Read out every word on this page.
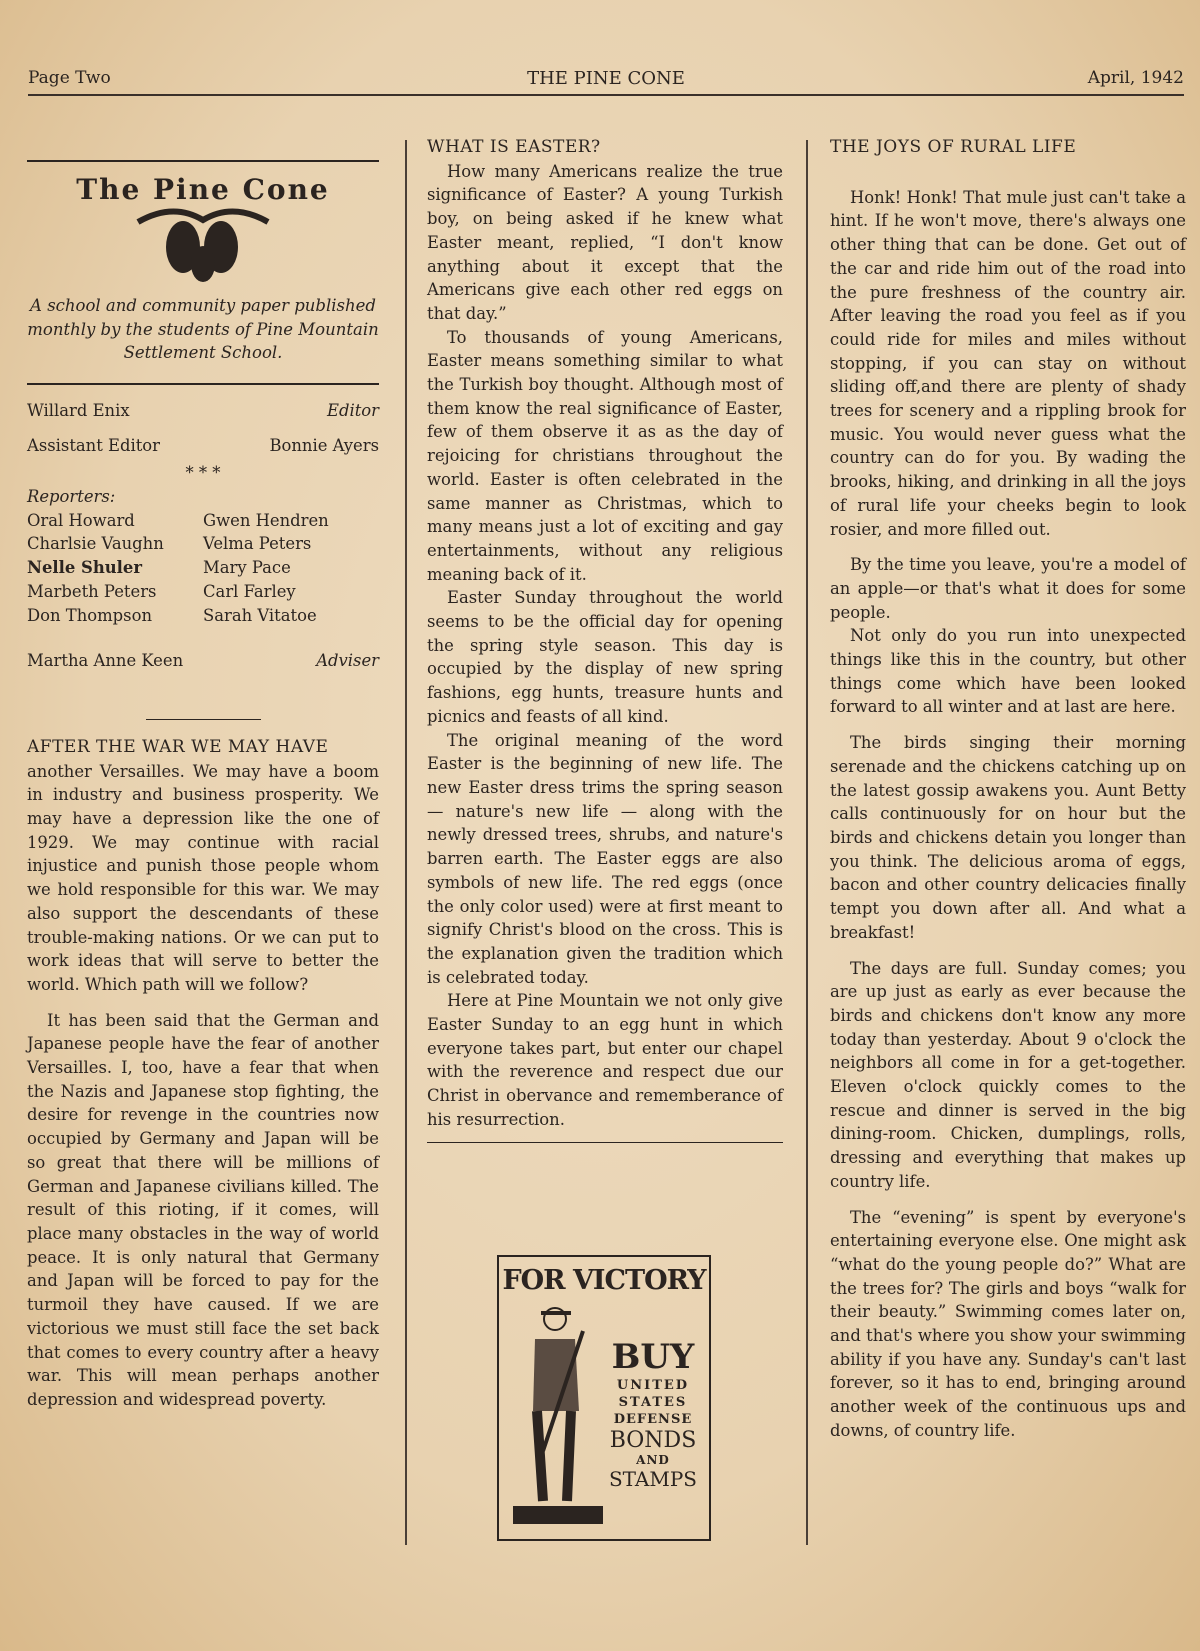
Page Two	THE PINE CONE	April, 1942
The Pine Cone
A school and community paper published monthly by the students of Pine Mountain Settlement School.
Willard Enix	Editor
Assistant Editor	Bonnie Ayers
* * *
Reporters:
Oral Howard	Gwen Hendren
Charlsie Vaughn	Velma Peters
Nelle Shuler	Mary Pace
Marbeth Peters	Carl Farley
Don Thompson	Sarah Vitatoe
Martha Anne Keen	Adviser
AFTER THE WAR WE MAY HAVE

another Versailles. We may have a boom in industry and business prosperity. We may have a depression like the one of 1929. We may continue with racial injustice and punish those people whom we hold responsible for this war. We may also support the descendants of these trouble-making nations. Or we can put to work ideas that will serve to better the world. Which path will we follow?

It has been said that the German and Japanese people have the fear of another Versailles. I, too, have a fear that when the Nazis and Japanese stop fighting, the desire for revenge in the countries now occupied by Germany and Japan will be so great that there will be millions of German and Japanese civilians killed. The result of this rioting, if it comes, will place many obstacles in the way of world peace. It is only natural that Germany and Japan will be forced to pay for the turmoil they have caused. If we are victorious we must still face the set back that comes to every country after a heavy war. This will mean perhaps another depression and widespread poverty.

WHAT IS EASTER?

How many Americans realize the true significance of Easter? A young Turkish boy, on being asked if he knew what Easter meant, replied, “I don't know anything about it except that the Americans give each other red eggs on that day.”

To thousands of young Americans, Easter means something similar to what the Turkish boy thought. Although most of them know the real significance of Easter, few of them observe it as as the day of rejoicing for christians throughout the world. Easter is often celebrated in the same manner as Christmas, which to many means just a lot of exciting and gay entertainments, without any religious meaning back of it.

Easter Sunday throughout the world seems to be the official day for opening the spring style season. This day is occupied by the display of new spring fashions, egg hunts, treasure hunts and picnics and feasts of all kind.

The original meaning of the word Easter is the beginning of new life. The new Easter dress trims the spring season — nature's new life — along with the newly dressed trees, shrubs, and nature's barren earth. The Easter eggs are also symbols of new life. The red eggs (once the only color used) were at first meant to signify Christ's blood on the cross. This is the explanation given the tradition which is celebrated today.

Here at Pine Mountain we not only give Easter Sunday to an egg hunt in which everyone takes part, but enter our chapel with the reverence and respect due our Christ in obervance and rememberance of his resurrection.

FOR VICTORY
BUY
UNITED
STATES
DEFENSE
BONDS
AND
STAMPS
THE JOYS OF RURAL LIFE

Honk! Honk! That mule just can't take a hint. If he won't move, there's always one other thing that can be done. Get out of the car and ride him out of the road into the pure freshness of the country air. After leaving the road you feel as if you could ride for miles and miles without stopping, if you can stay on without sliding off,and there are plenty of shady trees for scenery and a rippling brook for music. You would never guess what the country can do for you. By wading the brooks, hiking, and drinking in all the joys of rural life your cheeks begin to look rosier, and more filled out.

By the time you leave, you're a model of an apple—or that's what it does for some people.

Not only do you run into unexpected things like this in the country, but other things come which have been looked forward to all winter and at last are here.

The birds singing their morning serenade and the chickens catching up on the latest gossip awakens you. Aunt Betty calls continuously for on hour but the birds and chickens detain you longer than you think. The delicious aroma of eggs, bacon and other country delicacies finally tempt you down after all. And what a breakfast!

The days are full. Sunday comes; you are up just as early as ever because the birds and chickens don't know any more today than yesterday. About 9 o'clock the neighbors all come in for a get-together. Eleven o'clock quickly comes to the rescue and dinner is served in the big dining-room. Chicken, dumplings, rolls, dressing and everything that makes up country life.

The “evening” is spent by everyone's entertaining everyone else. One might ask “what do the young people do?” What are the trees for? The girls and boys “walk for their beauty.” Swimming comes later on, and that's where you show your swimming ability if you have any. Sunday's can't last forever, so it has to end, bringing around another week of the continuous ups and downs, of country life.
